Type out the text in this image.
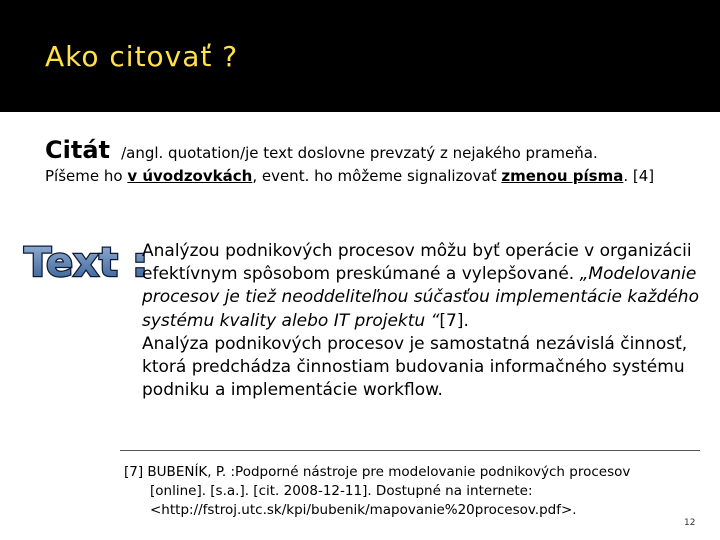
Ako citovať ?
Citát /angl. quotation/je text doslovne prevzatý z nejakého prameňa.
Píšeme ho v úvodzovkách, event. ho môžeme signalizovať zmenou písma. [4]
Text :

Analýzou podnikových procesov môžu byť operácie v organizácii efektívnym spôsobom preskúmané a vylepšované. „Modelovanie procesov je tiež neoddeliteľnou súčasťou implementácie každého systému kvality alebo IT projektu “[7].

Analýza podnikových procesov je samostatná nezávislá činnosť, ktorá predchádza činnostiam budovania informačného systému podniku a implementácie workflow.

[7] BUBENÍK, P. :Podporné nástroje pre modelovanie podnikových procesov
[online]. [s.a.]. [cit. 2008-12-11]. Dostupné na internete:
<http://fstroj.utc.sk/kpi/bubenik/mapovanie%20procesov.pdf>.
12
